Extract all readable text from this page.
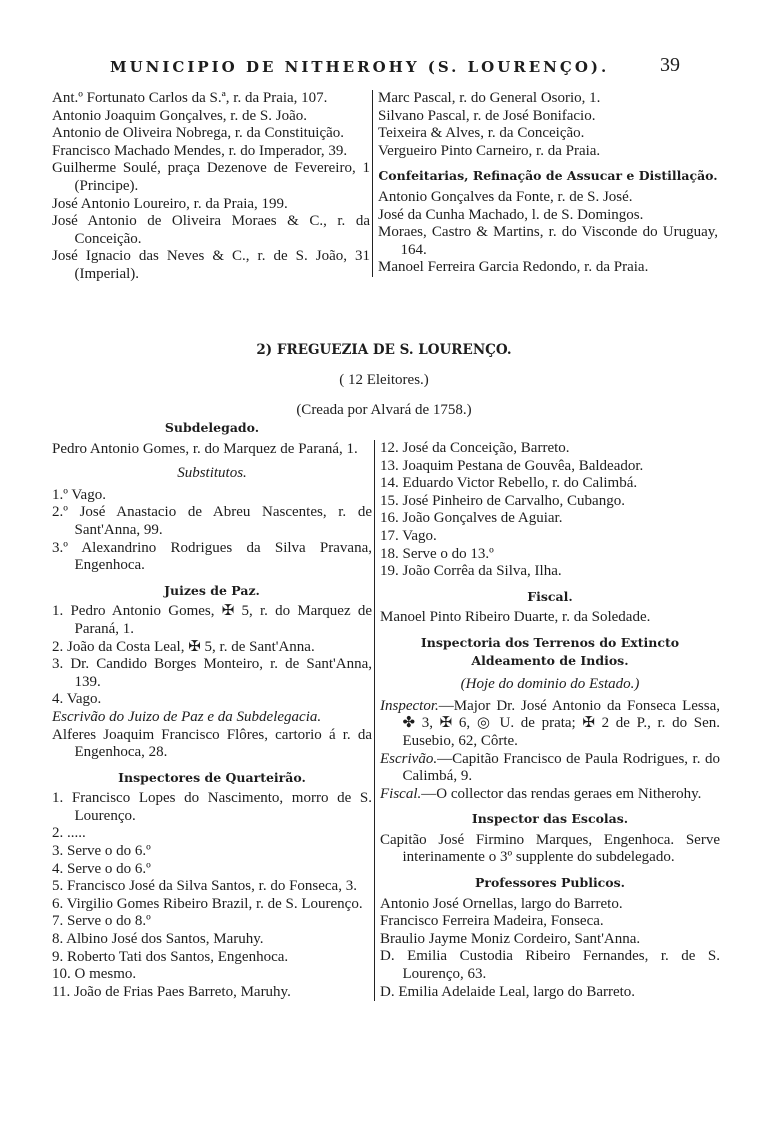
MUNICIPIO DE NITHEROHY (S. LOURENÇO).	39
Ant.º Fortunato Carlos da S.ª, r. da Praia, 107.
Antonio Joaquim Gonçalves, r. de S. João.
Antonio de Oliveira Nobrega, r. da Constituição.
Francisco Machado Mendes, r. do Imperador, 39.
Guilherme Soulé, praça Dezenove de Fevereiro, 1 (Principe).
José Antonio Loureiro, r. da Praia, 199.
José Antonio de Oliveira Moraes & C., r. da Conceição.
José Ignacio das Neves & C., r. de S. João, 31 (Imperial).
Marc Pascal, r. do General Osorio, 1.
Silvano Pascal, r. de José Bonifacio.
Teixeira & Alves, r. da Conceição.
Vergueiro Pinto Carneiro, r. da Praia.
Confeitarias, Refinação de Assucar e Distillação.
Antonio Gonçalves da Fonte, r. de S. José.
José da Cunha Machado, l. de S. Domingos.
Moraes, Castro & Martins, r. do Visconde do Uruguay, 164.
Manoel Ferreira Garcia Redondo, r. da Praia.
2) FREGUEZIA DE S. LOURENÇO.
( 12 Eleitores.)
(Creada por Alvará de 1758.)
Subdelegado.
Pedro Antonio Gomes, r. do Marquez de Paraná, 1.
Substitutos.
1.º Vago.
2.º José Anastacio de Abreu Nascentes, r. de Sant'Anna, 99.
3.º Alexandrino Rodrigues da Silva Pravana, Engenhoca.
Juizes de Paz.
1. Pedro Antonio Gomes, ✠ 5, r. do Marquez de Paraná, 1.
2. João da Costa Leal, ✠ 5, r. de Sant'Anna.
3. Dr. Candido Borges Monteiro, r. de Sant'Anna, 139.
4. Vago.
Escrivão do Juizo de Paz e da Subdelegacia.
Alferes Joaquim Francisco Flôres, cartorio á r. da Engenhoca, 28.
Inspectores de Quarteirão.
1. Francisco Lopes do Nascimento, morro de S. Lourenço.
2. .....
3. Serve o do 6.º
4. Serve o do 6.º
5. Francisco José da Silva Santos, r. do Fonseca, 3.
6. Virgilio Gomes Ribeiro Brazil, r. de S. Lourenço.
7. Serve o do 8.º
8. Albino José dos Santos, Maruhy.
9. Roberto Tati dos Santos, Engenhoca.
10. O mesmo.
11. João de Frias Paes Barreto, Maruhy.
12. José da Conceição, Barreto.
13. Joaquim Pestana de Gouvêa, Baldeador.
14. Eduardo Victor Rebello, r. do Calimbá.
15. José Pinheiro de Carvalho, Cubango.
16. João Gonçalves de Aguiar.
17. Vago.
18. Serve o do 13.º
19. João Corrêa da Silva, Ilha.
Fiscal.
Manoel Pinto Ribeiro Duarte, r. da Soledade.
Inspectoria dos Terrenos do Extincto Aldeamento de Indios.
(Hoje do dominio do Estado.)
Inspector.—Major Dr. José Antonio da Fonseca Lessa, ✤ 3, ✠ 6, ◎ U. de prata; ✠ 2 de P., r. do Sen. Eusebio, 62, Côrte.
Escrivão.—Capitão Francisco de Paula Rodrigues, r. do Calimbá, 9.
Fiscal.—O collector das rendas geraes em Nitherohy.
Inspector das Escolas.
Capitão José Firmino Marques, Engenhoca. Serve interinamente o 3º supplente do subdelegado.
Professores Publicos.
Antonio José Ornellas, largo do Barreto.
Francisco Ferreira Madeira, Fonseca.
Braulio Jayme Moniz Cordeiro, Sant'Anna.
D. Emilia Custodia Ribeiro Fernandes, r. de S. Lourenço, 63.
D. Emilia Adelaide Leal, largo do Barreto.
